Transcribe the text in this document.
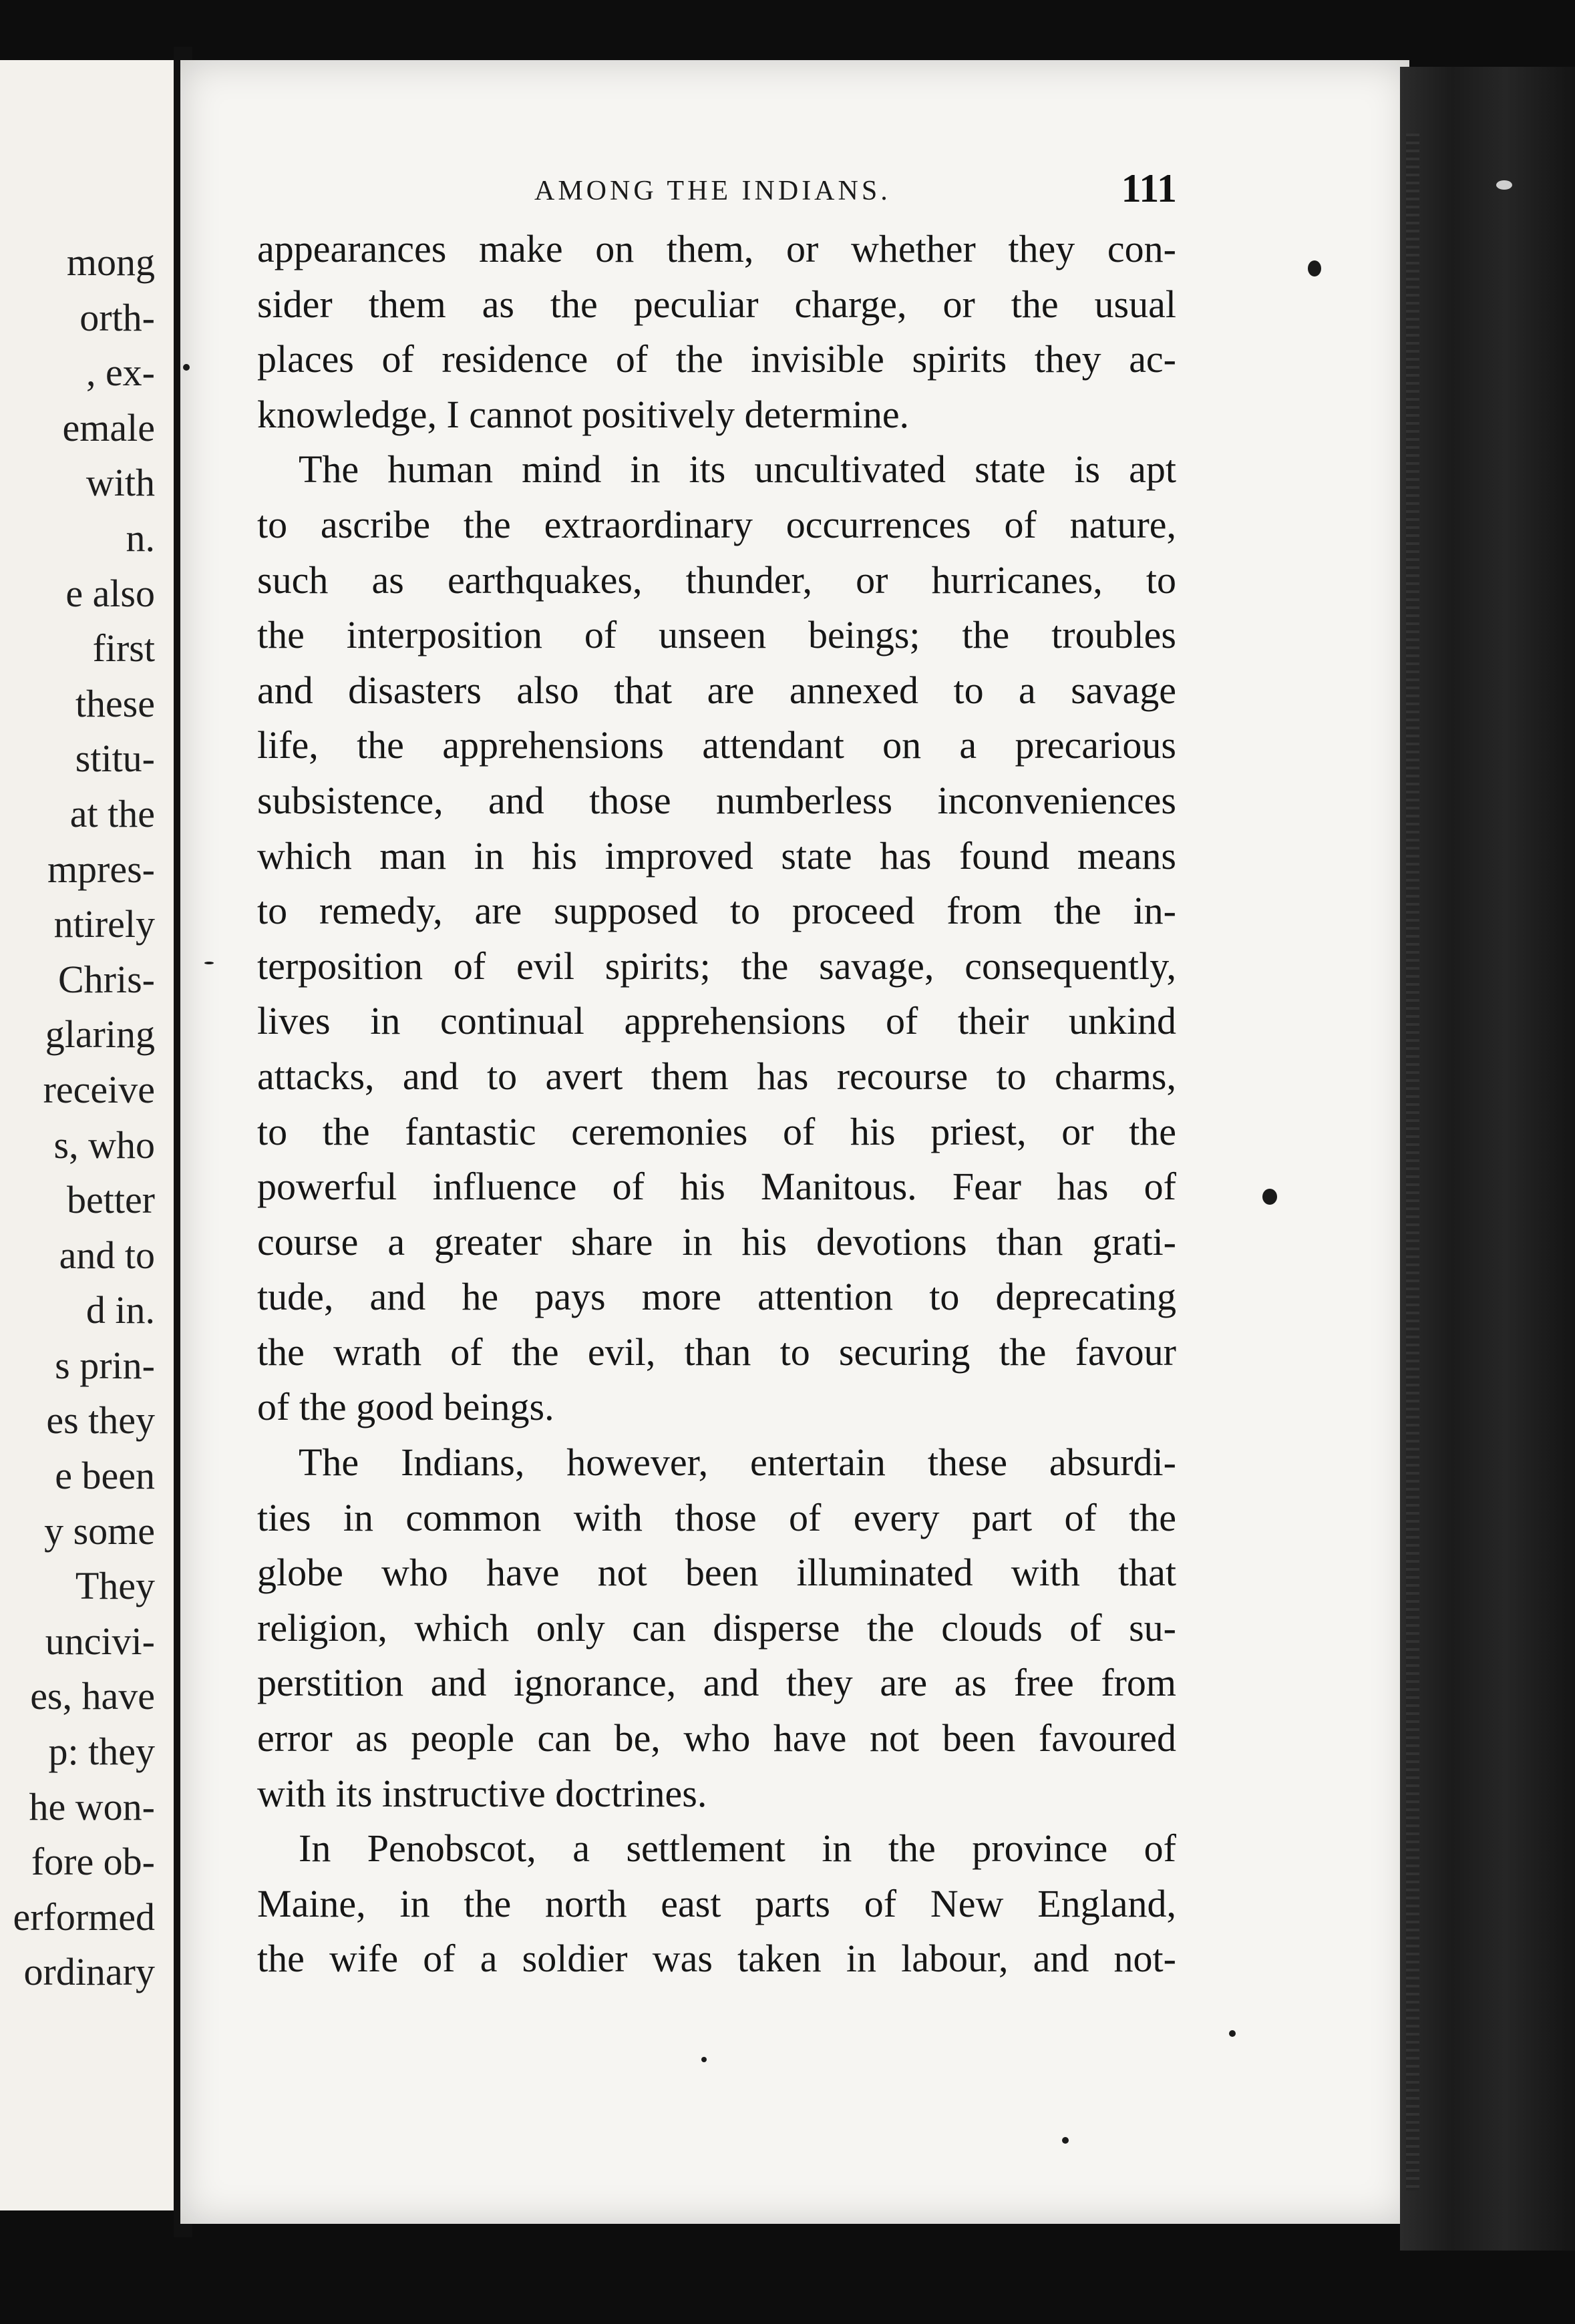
mong
orth-
, ex-
emale
with
n.
e also
first
these
stitu-
at the
mpres-
ntirely
Chris-
glaring
receive
s, who
better
and to
d in.
s prin-
es they
e been
y some
They
uncivi-
es, have
p: they
he won-
fore ob-
erformed
ordinary
AMONG THE INDIANS.	111
appearances make on them, or whether they con-
sider them as the peculiar charge, or the usual
places of residence of the invisible spirits they ac-
knowledge, I cannot positively determine.
The human mind in its uncultivated state is apt
to ascribe the extraordinary occurrences of nature,
such as earthquakes, thunder, or hurricanes, to
the interposition of unseen beings; the troubles
and disasters also that are annexed to a savage
life, the apprehensions attendant on a precarious
subsistence, and those numberless inconveniences
which man in his improved state has found means
to remedy, are supposed to proceed from the in-
terposition of evil spirits; the savage, consequently,
lives in continual apprehensions of their unkind
attacks, and to avert them has recourse to charms,
to the fantastic ceremonies of his priest, or the
powerful influence of his Manitous. Fear has of
course a greater share in his devotions than grati-
tude, and he pays more attention to deprecating
the wrath of the evil, than to securing the favour
of the good beings.
The Indians, however, entertain these absurdi-
ties in common with those of every part of the
globe who have not been illuminated with that
religion, which only can disperse the clouds of su-
perstition and ignorance, and they are as free from
error as people can be, who have not been favoured
with its instructive doctrines.
In Penobscot, a settlement in the province of
Maine, in the north east parts of New England,
the wife of a soldier was taken in labour, and not-
